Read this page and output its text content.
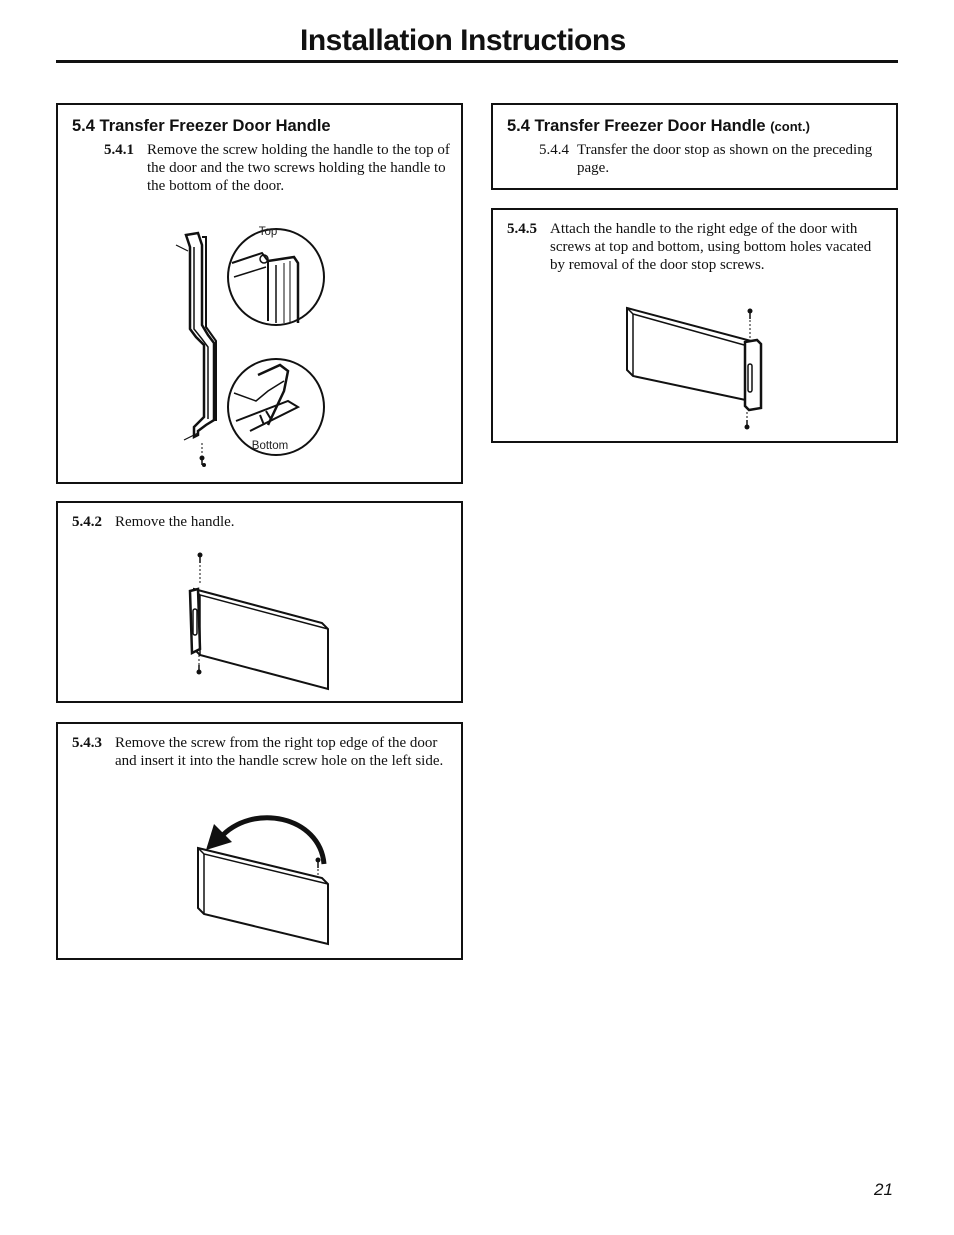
Installation Instructions
5.4 Transfer Freezer Door Handle
5.4.1 Remove the screw holding the handle to the top of the door and the two screws holding the handle to the bottom of the door.
Top
Bottom
5.4.2 Remove the handle.
5.4.3 Remove the screw from the right top edge of the door and insert it into the handle screw hole on the left side.
5.4 Transfer Freezer Door Handle (cont.)
5.4.4 Transfer the door stop as shown on the preceding page.
5.4.5 Attach the handle to the right edge of the door with screws at top and bottom, using bottom holes vacated by removal of the door stop screws.
21
